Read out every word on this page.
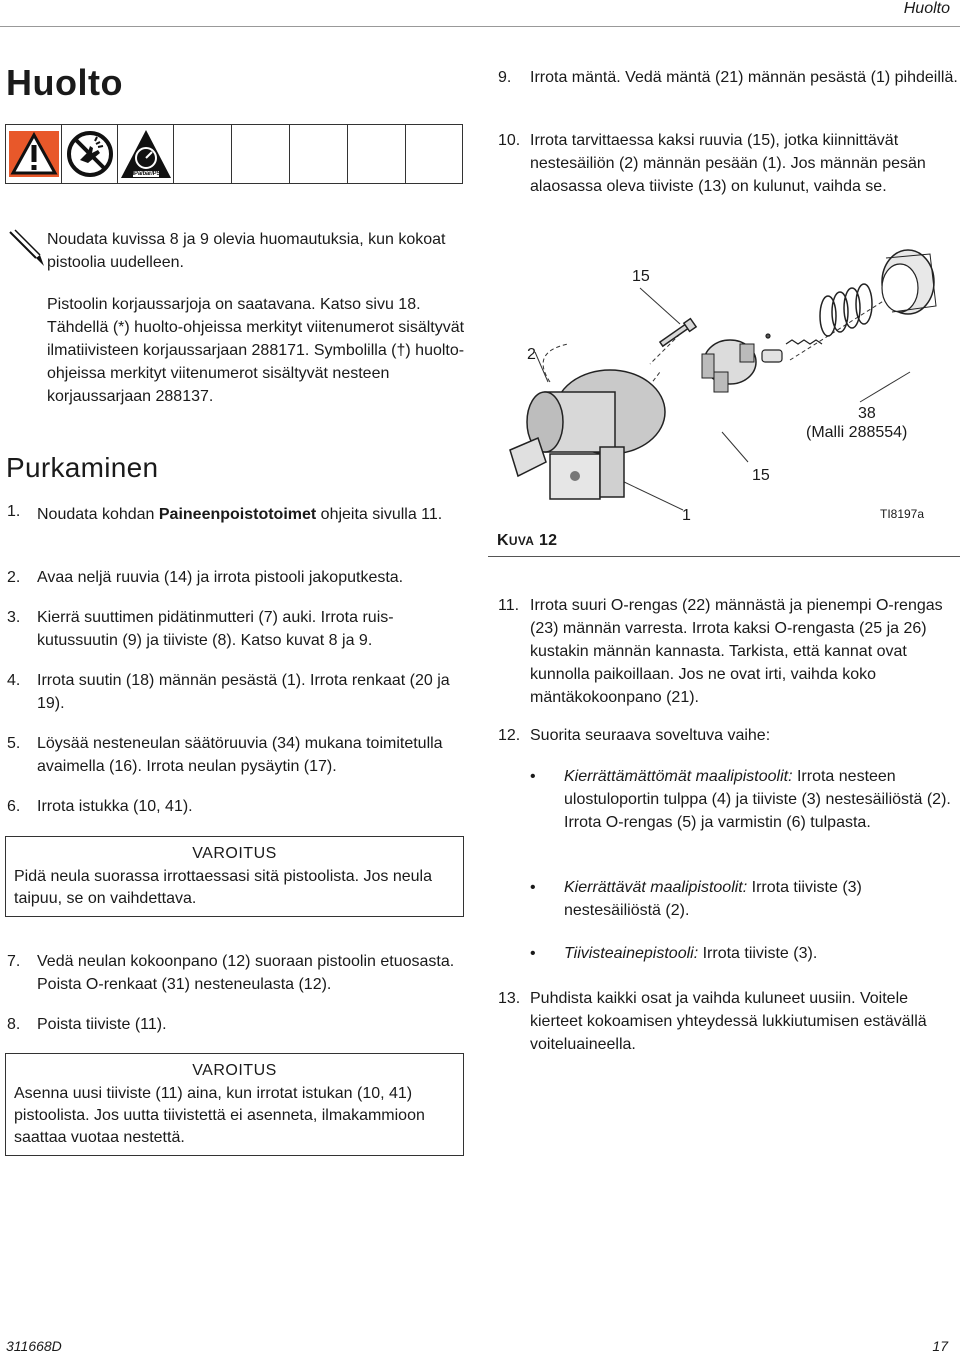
Huolto
Huolto
MPa/bar/PSI
Noudata kuvissa 8 ja 9 olevia huomautuksia, kun kokoat pistoolia uudelleen.
Pistoolin korjaussarjoja on saatavana. Katso sivu 18. Tähdellä (*) huolto-ohjeissa merkityt viitenumerot sisältyvät ilmatiivisteen korjaussarjaan 288171. Symbolilla (†) huolto-ohjeissa merkityt viitenumerot sisältyvät nesteen korjaussarjaan 288137.
Purkaminen
1. Noudata kohdan Paineenpoistotoimet ohjeita sivulla 11.
2. Avaa neljä ruuvia (14) ja irrota pistooli jakoputkesta.
3. Kierrä suuttimen pidätinmutteri (7) auki. Irrota ruis-kutussuutin (9) ja tiiviste (8). Katso kuvat 8 ja 9.
4. Irrota suutin (18) männän pesästä (1). Irrota renkaat (20 ja 19).
5. Löysää nesteneulan säätöruuvia (34) mukana toimitetulla avaimella (16). Irrota neulan pysäytin (17).
6. Irrota istukka (10, 41).
VAROITUS
Pidä neula suorassa irrottaessasi sitä pistoolista. Jos neula taipuu, se on vaihdettava.
7. Vedä neulan kokoonpano (12) suoraan pistoolin etuosasta. Poista O-renkaat (31) nesteneulasta (12).
8. Poista tiiviste (11).
VAROITUS
Asenna uusi tiiviste (11) aina, kun irrotat istukan (10, 41) pistoolista. Jos uutta tiivistettä ei asenneta, ilmakammioon saattaa vuotaa nestettä.
9. Irrota mäntä. Vedä mäntä (21) männän pesästä (1) pihdeillä.
10. Irrota tarvittaessa kaksi ruuvia (15), jotka kiinnittävät nestesäiliön (2) männän pesään (1). Jos männän pesän alaosassa oleva tiiviste (13) on kulunut, vaihda se.
15
2
38
(Malli 288554)
15
1
KUVA 12
TI8197a
11. Irrota suuri O-rengas (22) männästä ja pienempi O-rengas (23) männän varresta. Irrota kaksi O-rengasta (25 ja 26) kustakin männän kannasta. Tarkista, että kannat ovat kunnolla paikoillaan. Jos ne ovat irti, vaihda koko mäntäkokoonpano (21).
12. Suorita seuraava soveltuva vaihe:
• Kierrättämättömät maalipistoolit: Irrota nesteen ulostuloportin tulppa (4) ja tiiviste (3) nestesäiliöstä (2). Irrota O-rengas (5) ja varmistin (6) tulpasta.
• Kierrättävät maalipistoolit: Irrota tiiviste (3) nestesäiliöstä (2).
• Tiivisteainepistooli: Irrota tiiviste (3).
13. Puhdista kaikki osat ja vaihda kuluneet uusiin. Voitele kierteet kokoamisen yhteydessä lukkiutumisen estävällä voiteluaineella.
311668D	17
